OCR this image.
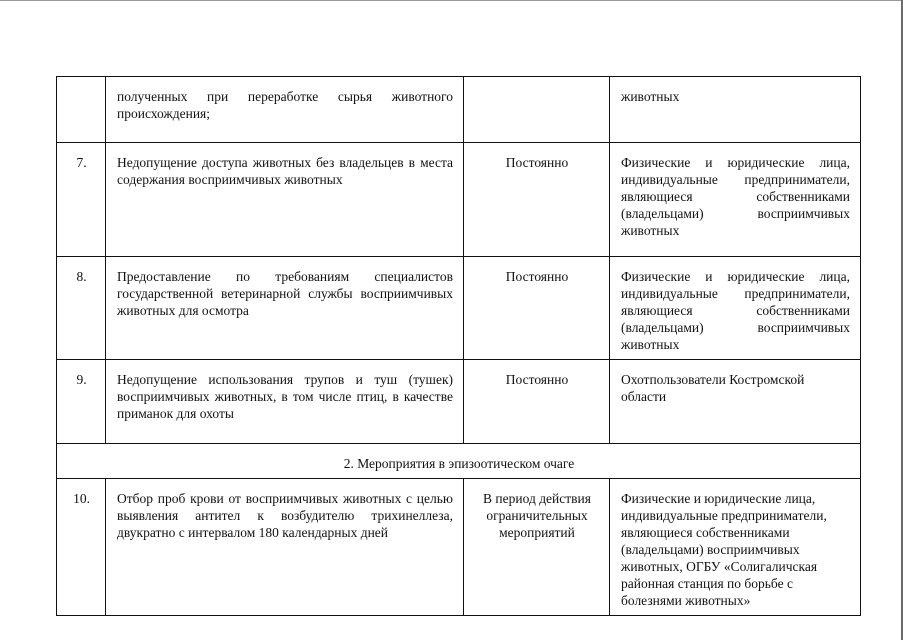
	полученных при переработке сырья животного происхождения;		животных
7.	Недопущение доступа животных без владельцев в места содержания восприимчивых животных	Постоянно	Физические и юридические лица, индивидуальные предприниматели, являющиеся собственниками (владельцами) восприимчивых животных
8.	Предоставление по требованиям специалистов государственной ветеринарной службы восприимчивых животных для осмотра	Постоянно	Физические и юридические лица, индивидуальные предприниматели, являющиеся собственниками (владельцами) восприимчивых животных
9.	Недопущение использования трупов и туш (тушек) восприимчивых животных, в том числе птиц, в качестве приманок для охоты	Постоянно	Охотпользователи Костромской области
2. Мероприятия в эпизоотическом очаге			
10.	Отбор проб крови от восприимчивых животных с целью выявления антител к возбудителю трихинеллеза, двукратно с интервалом 180 календарных дней	В период действия ограничительных мероприятий	Физические и юридические лица, индивидуальные предприниматели, являющиеся собственниками (владельцами) восприимчивых животных, ОГБУ «Солигаличская районная станция по борьбе с болезнями животных»
